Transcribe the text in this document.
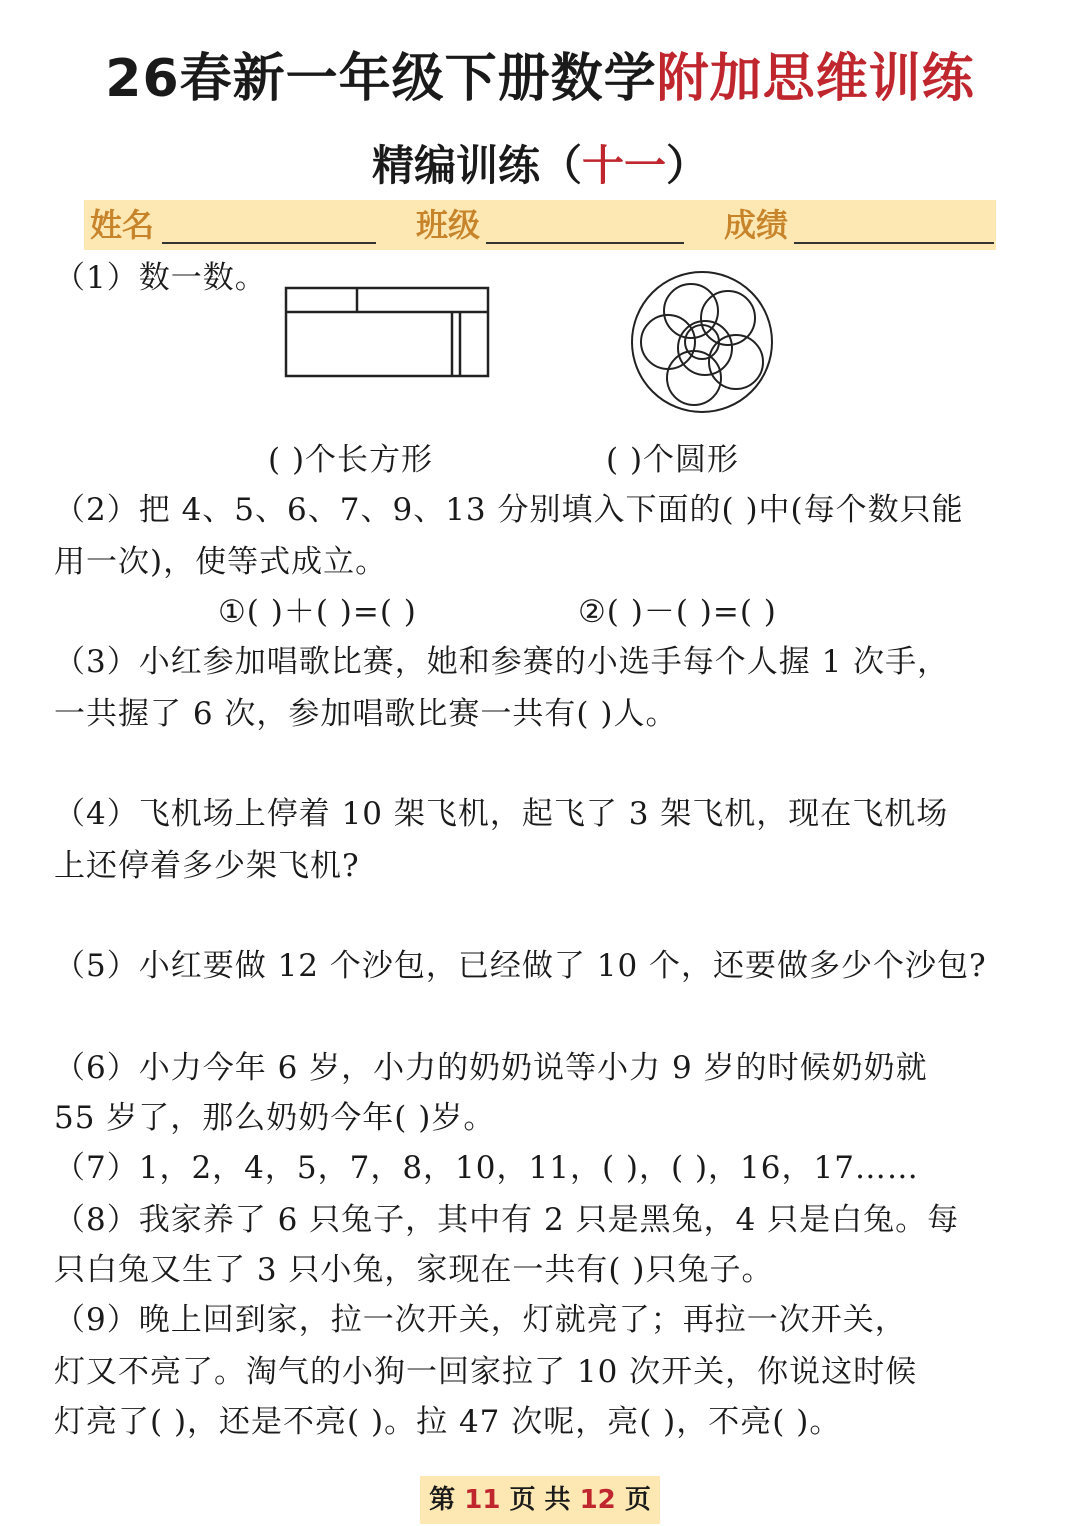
26春新一年级下册数学附加思维训练
精编训练（十一）
姓名	班级	成绩
（1）数一数。
( )个长方形	( )个圆形
（2）把 4、5、6、7、9、13 分别填入下面的( )中(每个数只能
用一次)，使等式成立。
①( )＋( )=( )	②( )－( )=( )
（3）小红参加唱歌比赛，她和参赛的小选手每个人握 1 次手，
一共握了 6 次，参加唱歌比赛一共有( )人。
（4）飞机场上停着 10 架飞机，起飞了 3 架飞机，现在飞机场
上还停着多少架飞机?
（5）小红要做 12 个沙包，已经做了 10 个，还要做多少个沙包?
（6）小力今年 6 岁，小力的奶奶说等小力 9 岁的时候奶奶就
55 岁了，那么奶奶今年( )岁。
（7）1，2，4，5，7，8，10，11，( )，( )，16，17……
（8）我家养了 6 只兔子，其中有 2 只是黑兔，4 只是白兔。每
只白兔又生了 3 只小兔，家现在一共有( )只兔子。
（9）晚上回到家，拉一次开关，灯就亮了；再拉一次开关，
灯又不亮了。淘气的小狗一回家拉了 10 次开关，你说这时候
灯亮了( )，还是不亮( )。拉 47 次呢，亮( )，不亮( )。
第 11 页 共 12 页
